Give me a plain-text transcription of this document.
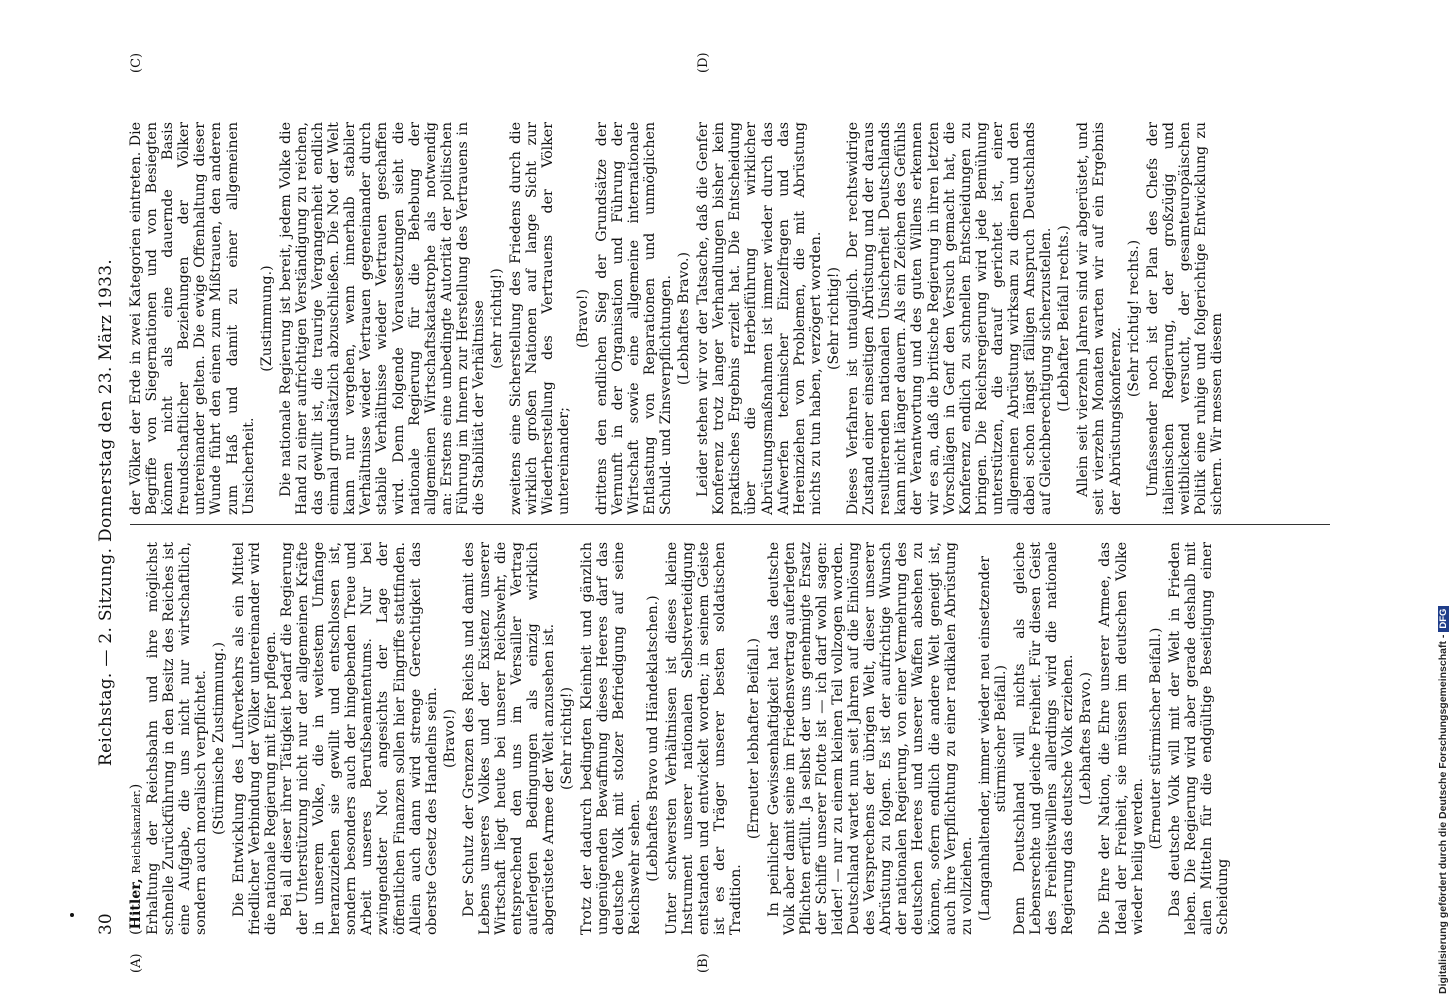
30
Reichstag. — 2. Sitzung. Donnerstag den 23. März 1933.
(A)	(B)
(C)	(D)

(Hitler, Reichskanzler.) Erhaltung der Reichsbahn und ihre möglichst schnelle Zurückführung in den Besitz des Reiches ist eine Aufgabe, die uns nicht nur wirtschaftlich, sondern auch moralisch verpflichtet. (Stürmische Zustimmung.) Die Entwicklung des Luftverkehrs als ein Mittel friedlicher Verbindung der Völker untereinander wird die nationale Regierung mit Eifer pflegen. Bei all dieser ihrer Tätigkeit bedarf die Regierung der Unterstützung nicht nur der allgemeinen Kräfte in unserem Volke, die in weitestem Umfange heranzuziehen sie gewillt und entschlossen ist, sondern besonders auch der hingebenden Treue und Arbeit unseres Berufsbeamtentums. Nur bei zwingendster Not angesichts der Lage der öffentlichen Finanzen sollen hier Eingriffe stattfinden. Allein auch dann wird strenge Gerechtigkeit das oberste Gesetz des Handelns sein. (Bravo!) Der Schutz der Grenzen des Reichs und damit des Lebens unseres Volkes und der Existenz unserer Wirtschaft liegt heute bei unserer Reichswehr, die entsprechend den uns im Versailler Vertrag auferlegten Bedingungen als einzig wirklich abgerüstete Armee der Welt anzusehen ist. (Sehr richtig!) Trotz der dadurch bedingten Kleinheit und gänzlich ungenügenden Bewaffnung dieses Heeres darf das deutsche Volk mit stolzer Befriedigung auf seine Reichswehr sehen. (Lebhaftes Bravo und Händeklatschen.) Unter schwersten Verhältnissen ist dieses kleine Instrument unserer nationalen Selbstverteidigung entstanden und entwickelt worden; in seinem Geiste ist es der Träger unserer besten soldatischen Tradition.

(Erneuter lebhafter Beifall.) In peinlicher Gewissenhaftigkeit hat das deutsche Volk aber damit seine im Friedensvertrag auferlegten Pflichten erfüllt. Ja selbst der uns genehmigte Ersatz der Schiffe unserer Flotte ist — ich darf wohl sagen: leider! — nur zu einem kleinen Teil vollzogen worden. Deutschland wartet nun seit Jahren auf die Einlösung des Versprechens der übrigen Welt, dieser unserer Abrüstung zu folgen. Es ist der aufrichtige Wunsch der nationalen Regierung, von einer Vermehrung des deutschen Heeres und unserer Waffen absehen zu können, sofern endlich die andere Welt geneigt ist, auch ihre Verpflichtung zu einer radikalen Abrüstung zu vollziehen. (Langanhaltender, immer wieder neu einsetzender stürmischer Beifall.) Denn Deutschland will nichts als gleiche Lebensrechte und gleiche Freiheit. Für diesen Geist des Freiheitswillens allerdings wird die nationale Regierung das deutsche Volk erziehen. (Lebhaftes Bravo.) Die Ehre der Nation, die Ehre unserer Armee, das Ideal der Freiheit, sie müssen im deutschen Volke wieder heilig werden.

(Erneuter stürmischer Beifall.) Das deutsche Volk will mit der Welt in Frieden leben. Die Regierung wird aber gerade deshalb mit allen Mitteln für die endgültige Beseitigung einer Scheidung

der Völker der Erde in zwei Kategorien eintreten. Die Begriffe von Siegernationen und von Besiegten können nicht als eine dauernde Basis freundschaftlicher Beziehungen der Völker untereinander gelten. Die ewige Offenhaltung dieser Wunde führt den einen zum Mißtrauen, den anderen zum Haß und damit zu einer allgemeinen Unsicherheit.

(Zustimmung.) Die nationale Regierung ist bereit, jedem Volke die Hand zu einer aufrichtigen Verständigung zu reichen, das gewillt ist, die traurige Vergangenheit endlich einmal grundsätzlich abzuschließen. Die Not der Welt kann nur vergehen, wenn innerhalb stabiler Verhältnisse wieder Vertrauen gegeneinander durch stabile Verhältnisse wieder Vertrauen geschaffen wird. Denn folgende Voraussetzungen sieht die nationale Regierung für die Behebung der allgemeinen Wirtschaftskatastrophe als notwendig an: Erstens eine unbedingte Autorität der politischen Führung im Innern zur Herstellung des Vertrauens in die Stabilität der Verhältnisse (sehr richtig!) zweitens eine Sicherstellung des Friedens durch die wirklich großen Nationen auf lange Sicht zur Wiederherstellung des Vertrauens der Völker untereinander;

(Bravo!) drittens den endlichen Sieg der Grundsätze der Vernunft in der Organisation und Führung der Wirtschaft sowie eine allgemeine internationale Entlastung von Reparationen und unmöglichen Schuld- und Zinsverpflichtungen. (Lebhaftes Bravo.) Leider stehen wir vor der Tatsache, daß die Genfer Konferenz trotz langer Verhandlungen bisher kein praktisches Ergebnis erzielt hat. Die Entscheidung über die Herbeiführung wirklicher Abrüstungsmaßnahmen ist immer wieder durch das Aufwerfen technischer Einzelfragen und das Hereinziehen von Problemen, die mit Abrüstung nichts zu tun haben, verzögert worden. (Sehr richtig!) Dieses Verfahren ist untauglich. Der rechtswidrige Zustand einer einseitigen Abrüstung und der daraus resultierenden nationalen Unsicherheit Deutschlands kann nicht länger dauern. Als ein Zeichen des Gefühls der Verantwortung und des guten Willens erkennen wir es an, daß die britische Regierung in ihren letzten Vorschlägen in Genf den Versuch gemacht hat, die Konferenz endlich zu schnellen Entscheidungen zu bringen. Die Reichsregierung wird jede Bemühung unterstützen, die darauf gerichtet ist, einer allgemeinen Abrüstung wirksam zu dienen und den dabei schon längst fälligen Anspruch Deutschlands auf Gleichberechtigung sicherzustellen. (Lebhafter Beifall rechts.) Allein seit vierzehn Jahren sind wir abgerüstet, und seit vierzehn Monaten warten wir auf ein Ergebnis der Abrüstungskonferenz.

(Sehr richtig! rechts.) Umfassender noch ist der Plan des Chefs der italienischen Regierung, der großzügig und weitblickend versucht, der gesamteuropäischen Politik eine ruhige und folgerichtige Entwicklung zu sichern. Wir messen diesem

Digitalisierung gefördert durch die Deutsche Forschungsgemeinschaft -DFG
